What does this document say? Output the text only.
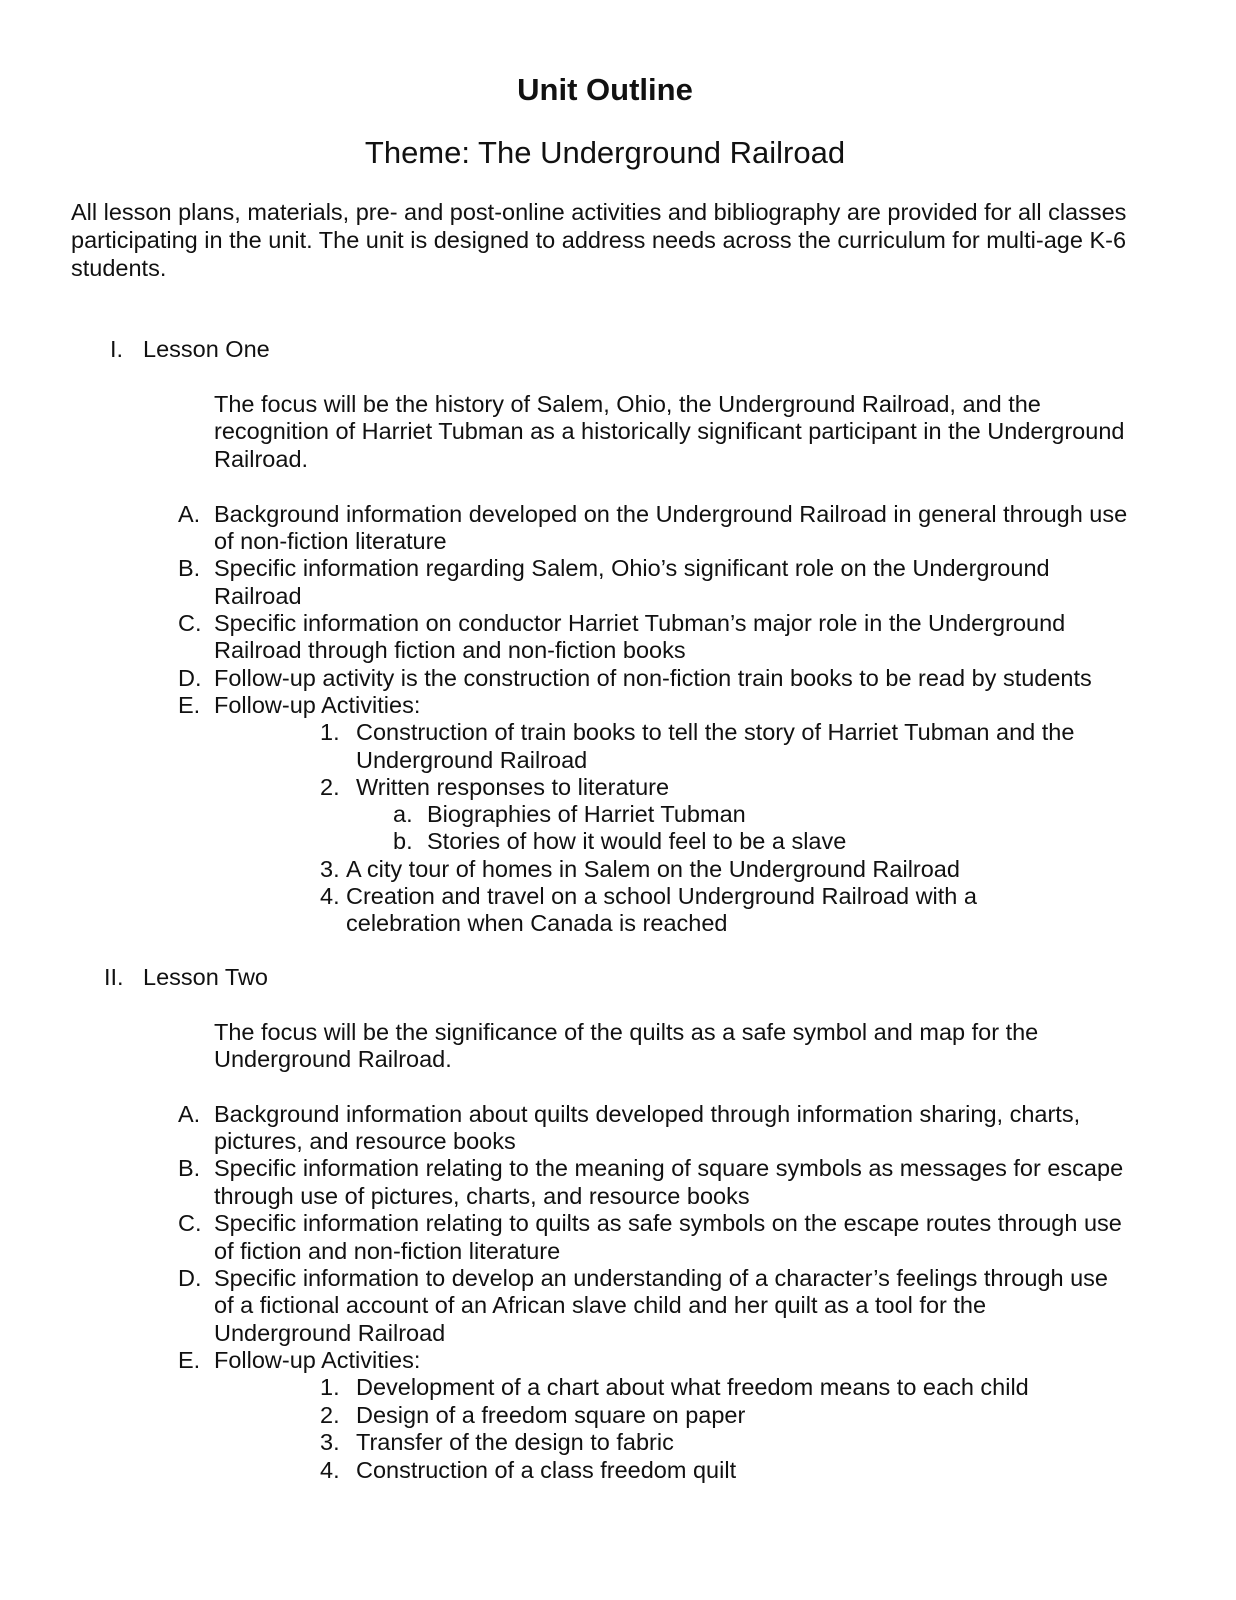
Unit Outline
Theme: The Underground Railroad
All lesson plans, materials, pre- and post-online activities and bibliography are provided for all classes
participating in the unit. The unit is designed to address needs across the curriculum for multi-age K-6
students.
I. Lesson One
The focus will be the history of Salem, Ohio, the Underground Railroad, and the
recognition of Harriet Tubman as a historically significant participant in the Underground
Railroad.
A. Background information developed on the Underground Railroad in general through use
of non-fiction literature
B. Specific information regarding Salem, Ohio’s significant role on the Underground
Railroad
C. Specific information on conductor Harriet Tubman’s major role in the Underground
Railroad through fiction and non-fiction books
D. Follow-up activity is the construction of non-fiction train books to be read by students
E. Follow-up Activities:
1. Construction of train books to tell the story of Harriet Tubman and the
Underground Railroad
2. Written responses to literature
a. Biographies of Harriet Tubman
b. Stories of how it would feel to be a slave
3. A city tour of homes in Salem on the Underground Railroad
4. Creation and travel on a school Underground Railroad with a
celebration when Canada is reached
II. Lesson Two
The focus will be the significance of the quilts as a safe symbol and map for the
Underground Railroad.
A. Background information about quilts developed through information sharing, charts,
pictures, and resource books
B. Specific information relating to the meaning of square symbols as messages for escape
through use of pictures, charts, and resource books
C. Specific information relating to quilts as safe symbols on the escape routes through use
of fiction and non-fiction literature
D. Specific information to develop an understanding of a character’s feelings through use
of a fictional account of an African slave child and her quilt as a tool for the
Underground Railroad
E. Follow-up Activities:
1. Development of a chart about what freedom means to each child
2. Design of a freedom square on paper
3. Transfer of the design to fabric
4. Construction of a class freedom quilt
